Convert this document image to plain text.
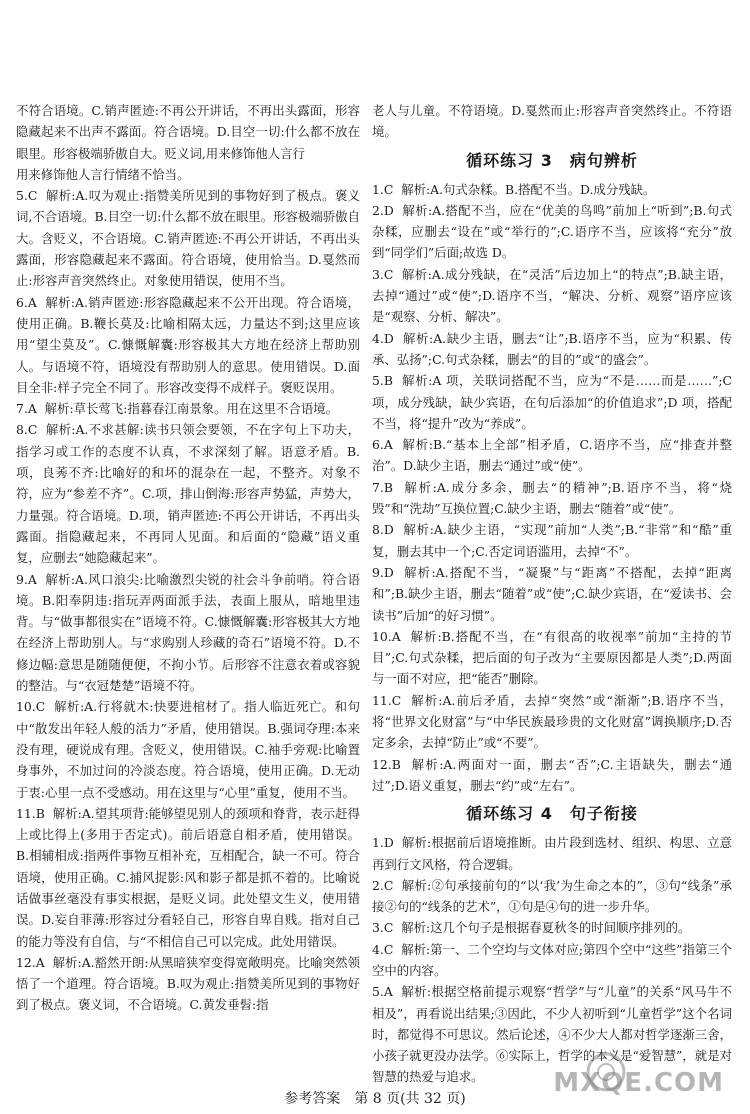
不符合语境。C.销声匿迹:不再公开讲话，不再出头露面，形容隐藏起来不出声不露面。符合语境。D.目空一切:什么都不放在眼里。形容极端骄傲自大。贬义词,用来修饰他人言行

用来修饰他人言行情绪不恰当。

5.C 解析:A.叹为观止:指赞美所见到的事物好到了极点。褒义词,不合语境。B.目空一切:什么都不放在眼里。形容极端骄傲自大。含贬义，不合语境。C.销声匿迹:不再公开讲话，不再出头露面，形容隐藏起来不露面。符合语境，使用恰当。D.戛然而止:形容声音突然终止。对象使用错误，使用不当。

6.A 解析:A.销声匿迹:形容隐藏起来不公开出现。符合语境，使用正确。B.鞭长莫及:比喻相隔太远，力量达不到;这里应该用“望尘莫及”。C.慷慨解囊:形容极其大方地在经济上帮助别人。与语境不符，语境没有帮助别人的意思。使用错误。D.面目全非:样子完全不同了。形容改变得不成样子。褒贬误用。

7.A 解析:草长莺飞:指暮春江南景象。用在这里不合语境。

8.C 解析:A.不求甚解:读书只领会要领，不在字句上下功夫，指学习或工作的态度不认真，不求深刻了解。语意矛盾。B.项，良莠不齐:比喻好的和坏的混杂在一起，不整齐。对象不符，应为“参差不齐”。C.项，排山倒海:形容声势猛，声势大，力量强。符合语境。D.项，销声匿迹:不再公开讲话，不再出头露面。指隐藏起来，不再同人见面。和后面的“隐藏”语义重复，应删去“她隐藏起来”。

9.A 解析:A.风口浪尖:比喻激烈尖锐的社会斗争前哨。符合语境。B.阳奉阴违:指玩弄两面派手法，表面上服从，暗地里违背。与“做事都很实在”语境不符。C.慷慨解囊:形容极其大方地在经济上帮助别人。与“求购别人珍藏的奇石”语境不符。D.不修边幅:意思是随随便便，不拘小节。后形容不注意衣着或容貌的整洁。与“衣冠楚楚”语境不符。

10.C 解析:A.行将就木:快要进棺材了。指人临近死亡。和句中“散发出年轻人般的活力”矛盾，使用错误。B.强词夺理:本来没有理，硬说成有理。含贬义，使用错误。C.袖手旁观:比喻置身事外，不加过问的冷淡态度。符合语境，使用正确。D.无动于衷:心里一点不受感动。用在这里与“心里”重复，使用不当。

11.B 解析:A.望其项背:能够望见别人的颈项和脊背，表示赶得上或比得上(多用于否定式)。前后语意自相矛盾，使用错误。B.相辅相成:指两件事物互相补充，互相配合，缺一不可。符合语境，使用正确。C.捕风捉影:风和影子都是抓不着的。比喻说话做事丝毫没有事实根据，是贬义词。此处望文生义，使用错误。D.妄自菲薄:形容过分看轻自己，形容自卑自贱。指对自己的能力等没有自信，与“不相信自己可以完成。此处用错误。

12.A 解析:A.豁然开朗:从黑暗狭窄变得宽敞明亮。比喻突然领悟了一个道理。符合语境。B.叹为观止:指赞美所见到的事物好到了极点。褒义词，不合语境。C.黄发垂髫:指

老人与儿童。不符语境。D.戛然而止:形容声音突然终止。不符语境。

循环练习 3　病句辨析

1.C 解析:A.句式杂糅。B.搭配不当。D.成分残缺。

2.D 解析:A.搭配不当，应在“优美的鸟鸣”前加上“听到”;B.句式杂糅，应删去“设在”或“举行的”;C.语序不当，应该将“充分”放到“同学们”后面;故选 D。

3.C 解析:A.成分残缺，在“灵活”后边加上“的特点”;B.缺主语，去掉“通过”或“使”;D.语序不当，“解决、分析、观察”语序应该是“观察、分析、解决”。

4.D 解析:A.缺少主语，删去“让”;B.语序不当，应为“积累、传承、弘扬”;C.句式杂糅，删去“的目的”或“的盛会”。

5.B 解析:A 项，关联词搭配不当，应为“不是……而是……”;C 项，成分残缺，缺少宾语，在句后添加“的价值追求”;D 项，搭配不当，将“提升”改为“养成”。

6.A 解析:B.“基本上全部”相矛盾，C.语序不当，应“排查并整治”。D.缺少主语，删去“通过”或“使”。

7.B 解析:A.成分多余，删去“的精神”;B.语序不当，将“烧毁”和“洗劫”互换位置;C.缺少主语，删去“随着”或“使”。

8.D 解析:A.缺少主语，“实现”前加“人类”;B.“非常”和“酷”重复，删去其中一个;C.否定词语滥用，去掉“不”。

9.D 解析:A.搭配不当，“凝聚”与“距离”不搭配，去掉“距离和”;B.缺少主语，删去“随着”或“使”;C.缺少宾语，在“爱读书、会读书”后加“的好习惯”。

10.A 解析:B.搭配不当，在“有很高的收视率”前加“主持的节目”;C.句式杂糅，把后面的句子改为“主要原因都是人类”;D.两面与一面不对应，把“能否”删除。

11.C 解析:A.前后矛盾，去掉“突然”或“渐渐”;B.语序不当，将“世界文化财富”与“中华民族最珍贵的文化财富”调换顺序;D.否定多余，去掉“防止”或“不要”。

12.B 解析:A.两面对一面，删去“否”;C.主语缺失，删去“通过”;D.语义重复，删去“约”或“左右”。

循环练习 4　句子衔接

1.D 解析:根据前后语境推断。由片段到选材、组织、构思、立意再到行文风格，符合逻辑。

2.C 解析:②句承接前句的“以‘我’为生命之本的”，③句“线条”承接②句的“线条的艺术”，①句是④句的进一步升华。

3.C 解析:这几个句子是根据春夏秋冬的时间顺序排列的。

4.C 解析:第一、二个空均与文体对应;第四个空中“这些”指第三个空中的内容。

5.A 解析:根据空格前提示观察“哲学”与“儿童”的关系“风马牛不相及”，再看说出结果;③因此，不少人初听到“儿童哲学”这个名词时，都觉得不可思议。然后论述，④不少大人都对哲学逐渐三舍，小孩子就更没办法学。⑥实际上，哲学的本义是“爱智慧”，就是对智慧的热爱与追求。

参考答案　第 8 页(共 32 页)
MXQE.COM
